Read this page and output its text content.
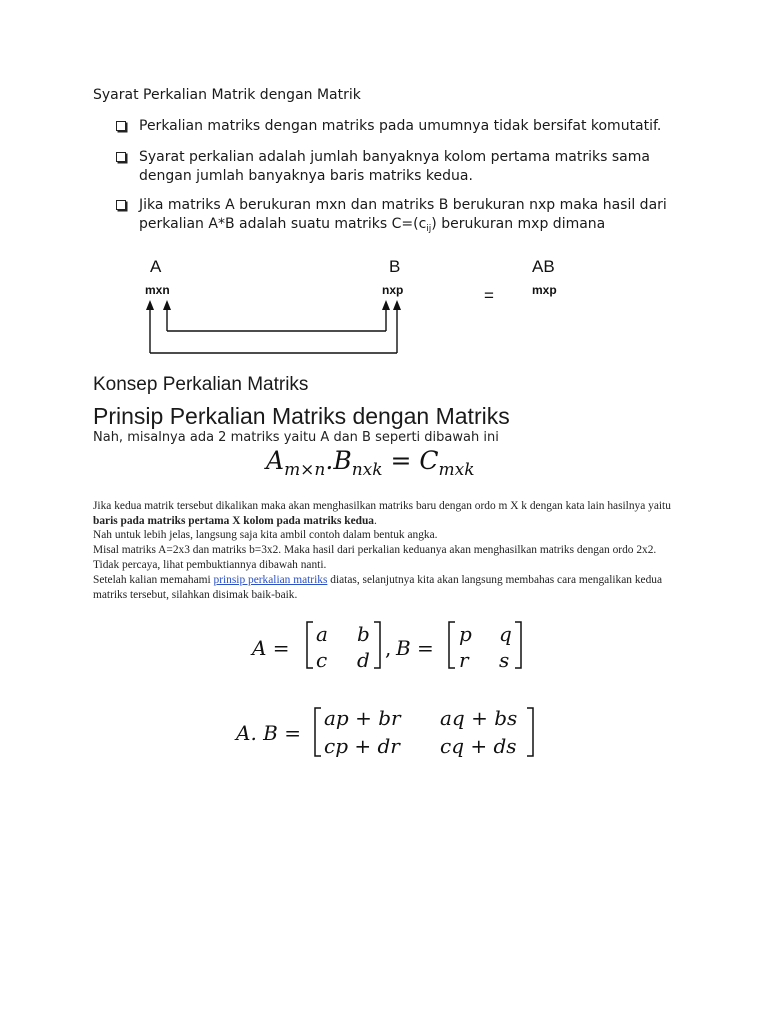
Syarat Perkalian Matrik dengan Matrik
Perkalian matriks dengan matriks pada umumnya tidak bersifat komutatif.
Syarat perkalian adalah jumlah banyaknya kolom pertama matriks sama dengan jumlah banyaknya baris matriks kedua.
Jika matriks A berukuran mxn dan matriks B berukuran nxp maka hasil dari perkalian A*B adalah suatu matriks $C=(c_{ij})$ berukuran mxp dimana
A
mxn
B
nxp	=
AB
mxp
Konsep Perkalian Matriks
Prinsip Perkalian Matriks dengan Matriks
Nah, misalnya ada 2 matriks yaitu A dan B seperti dibawah ini
$A_{m\times n}.B_{nxk} = C_{mxk}$
Jika kedua matrik tersebut dikalikan maka akan menghasilkan matriks baru dengan ordo m X k dengan kata lain hasilnya yaitu baris pada matriks pertama X kolom pada matriks kedua.
Nah untuk lebih jelas, langsung saja kita ambil contoh dalam bentuk angka.
Misal matriks A=2x3 dan matriks b=3x2. Maka hasil dari perkalian keduanya akan menghasilkan matriks dengan ordo 2x2. Tidak percaya, lihat pembuktiannya dibawah nanti.
Setelah kalian memahami prinsip perkalian matriks diatas, selanjutnya kita akan langsung membahas cara mengalikan kedua matriks tersebut, silahkan disimak baik-baik.
A =
a b
c d , B =
p q
r s
A. B =
ap + br aq + bs
cp + dr cq + ds
